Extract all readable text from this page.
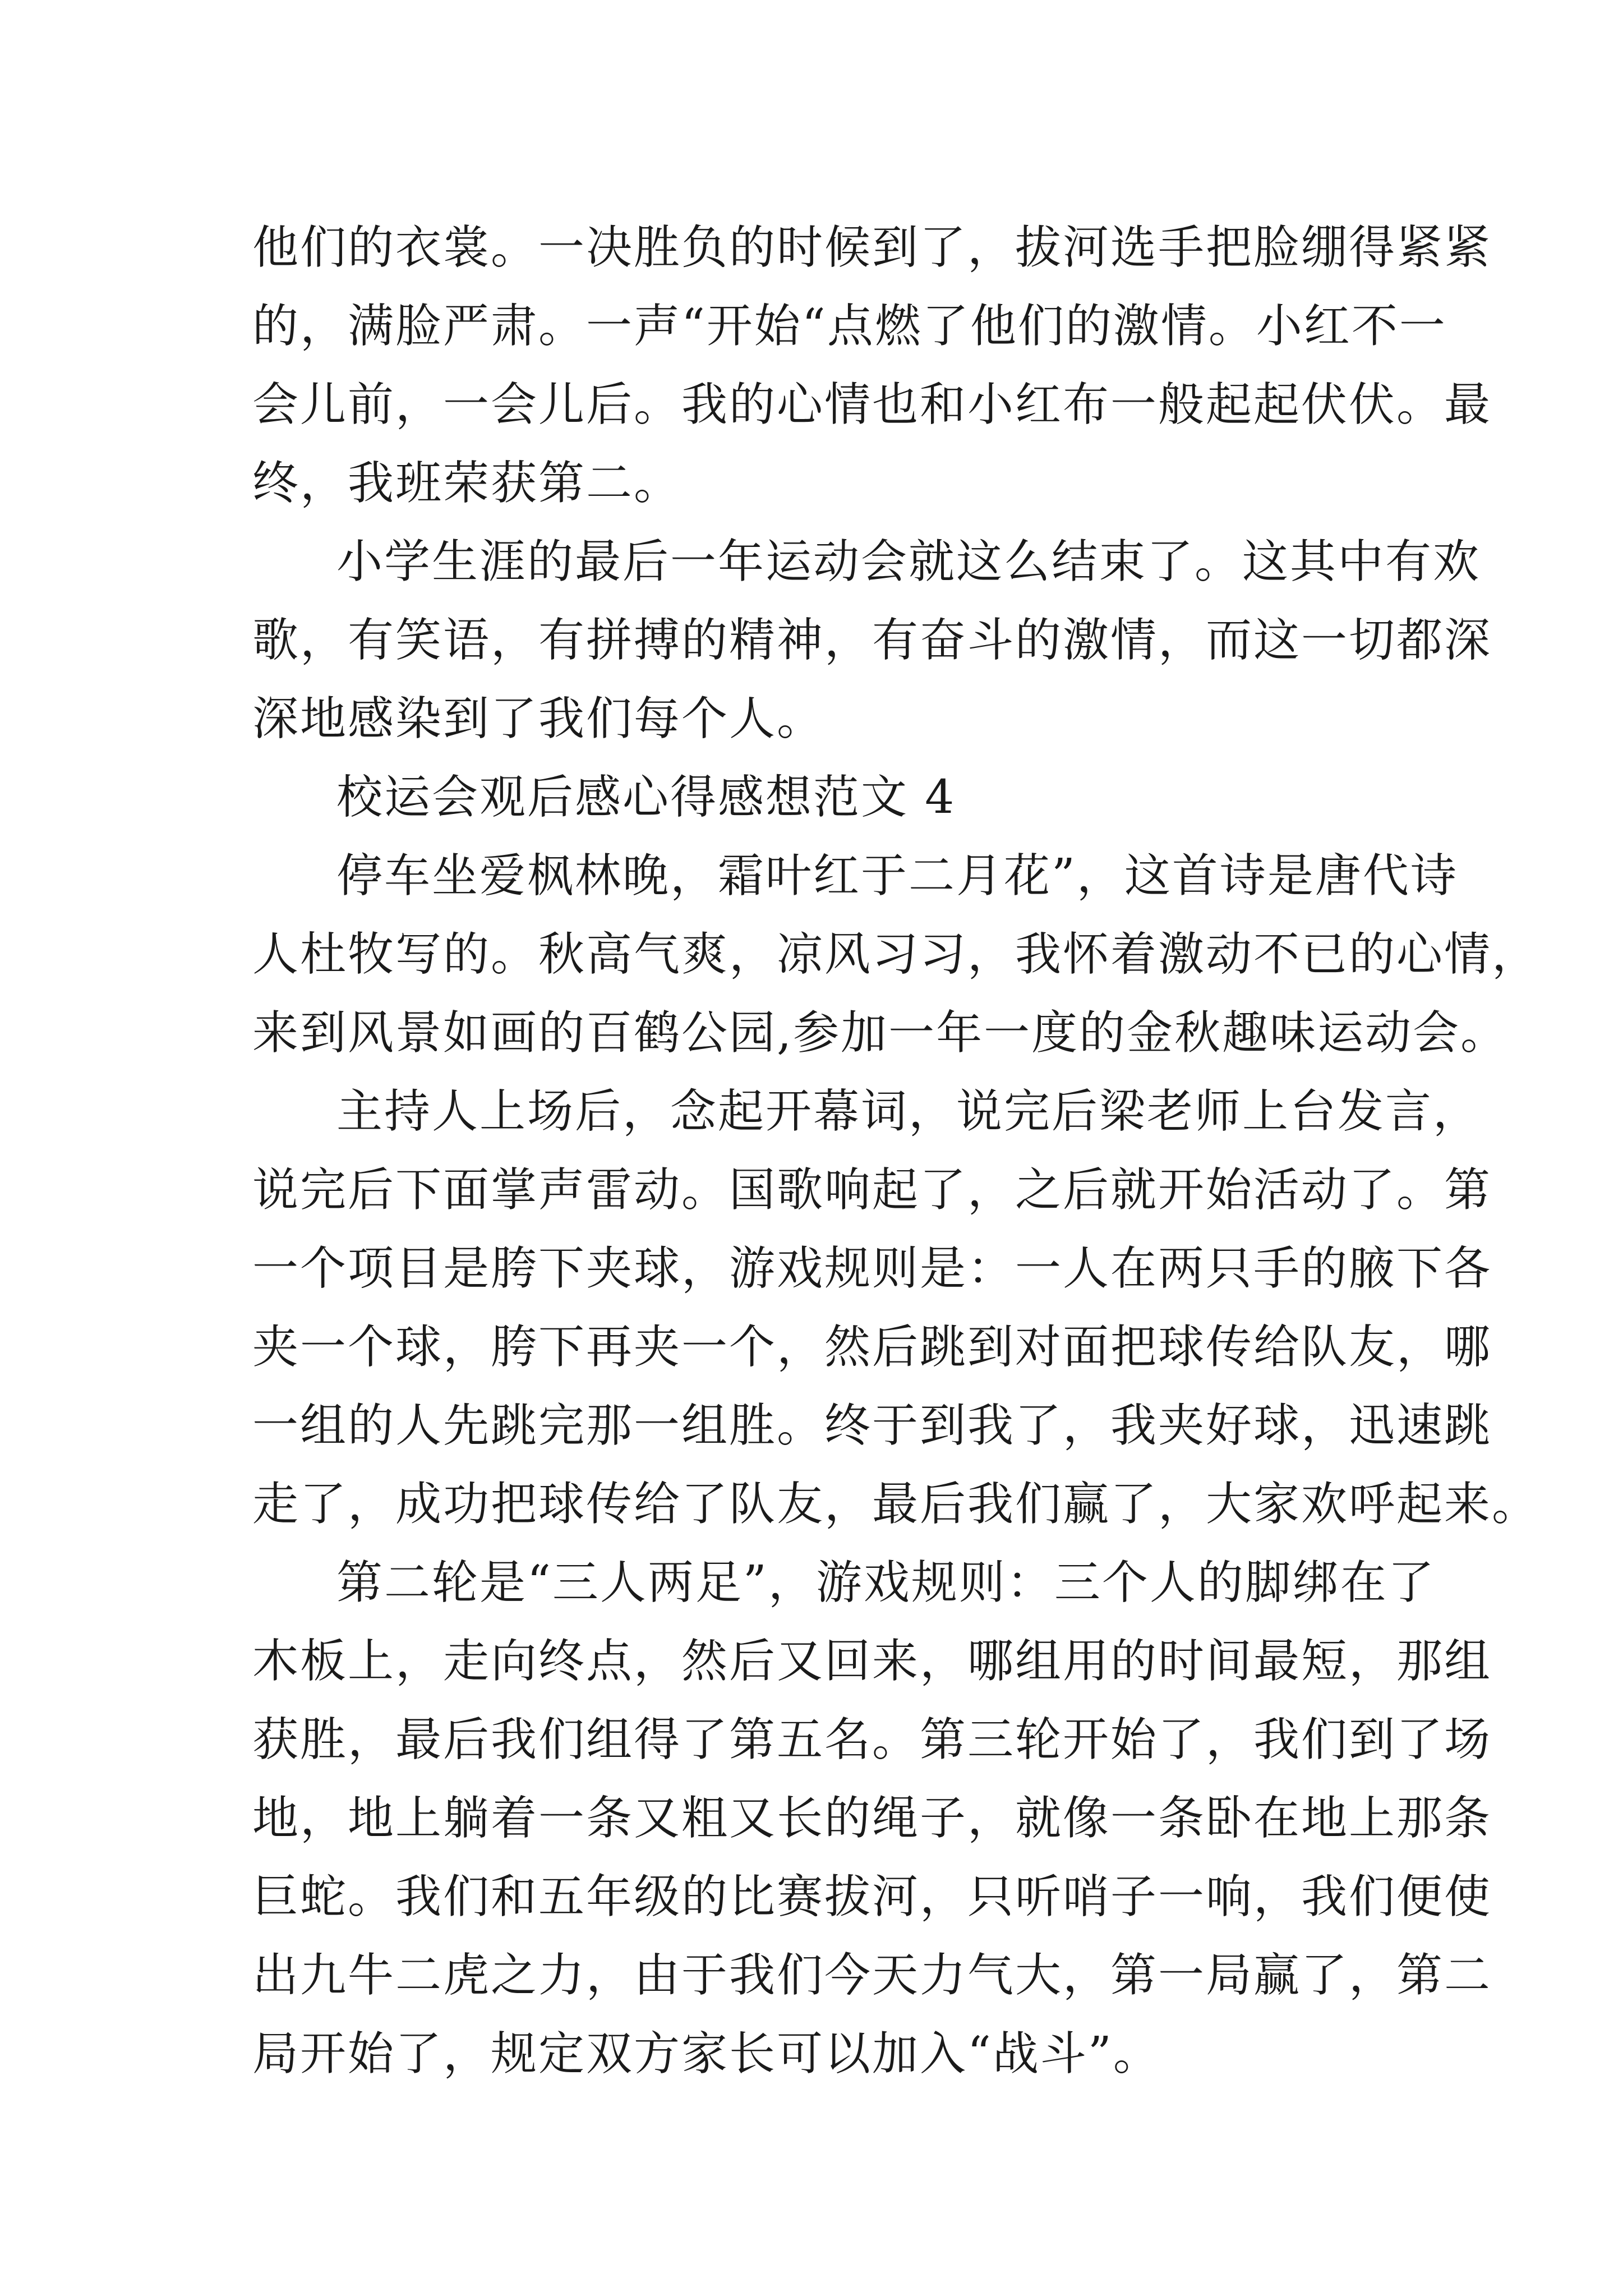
他们的衣裳。一决胜负的时候到了，拔河选手把脸绷得紧紧
的，满脸严肃。一声“开始“点燃了他们的激情。小红不一
会儿前，一会儿后。我的心情也和小红布一般起起伏伏。最
终，我班荣获第二。
小学生涯的最后一年运动会就这么结束了。这其中有欢
歌，有笑语，有拼搏的精神，有奋斗的激情，而这一切都深
深地感染到了我们每个人。
校运会观后感心得感想范文 4
停车坐爱枫林晚，霜叶红于二月花”，这首诗是唐代诗
人杜牧写的。秋高气爽，凉风习习，我怀着激动不已的心情，
来到风景如画的百鹤公园,参加一年一度的金秋趣味运动会。
主持人上场后，念起开幕词，说完后梁老师上台发言，
说完后下面掌声雷动。国歌响起了，之后就开始活动了。第
一个项目是胯下夹球，游戏规则是：一人在两只手的腋下各
夹一个球，胯下再夹一个，然后跳到对面把球传给队友，哪
一组的人先跳完那一组胜。终于到我了，我夹好球，迅速跳
走了，成功把球传给了队友，最后我们赢了，大家欢呼起来。
第二轮是“三人两足”，游戏规则：三个人的脚绑在了
木板上，走向终点，然后又回来，哪组用的时间最短，那组
获胜，最后我们组得了第五名。第三轮开始了，我们到了场
地，地上躺着一条又粗又长的绳子，就像一条卧在地上那条
巨蛇。我们和五年级的比赛拔河，只听哨子一响，我们便使
出九牛二虎之力，由于我们今天力气大，第一局赢了，第二
局开始了，规定双方家长可以加入“战斗”。
